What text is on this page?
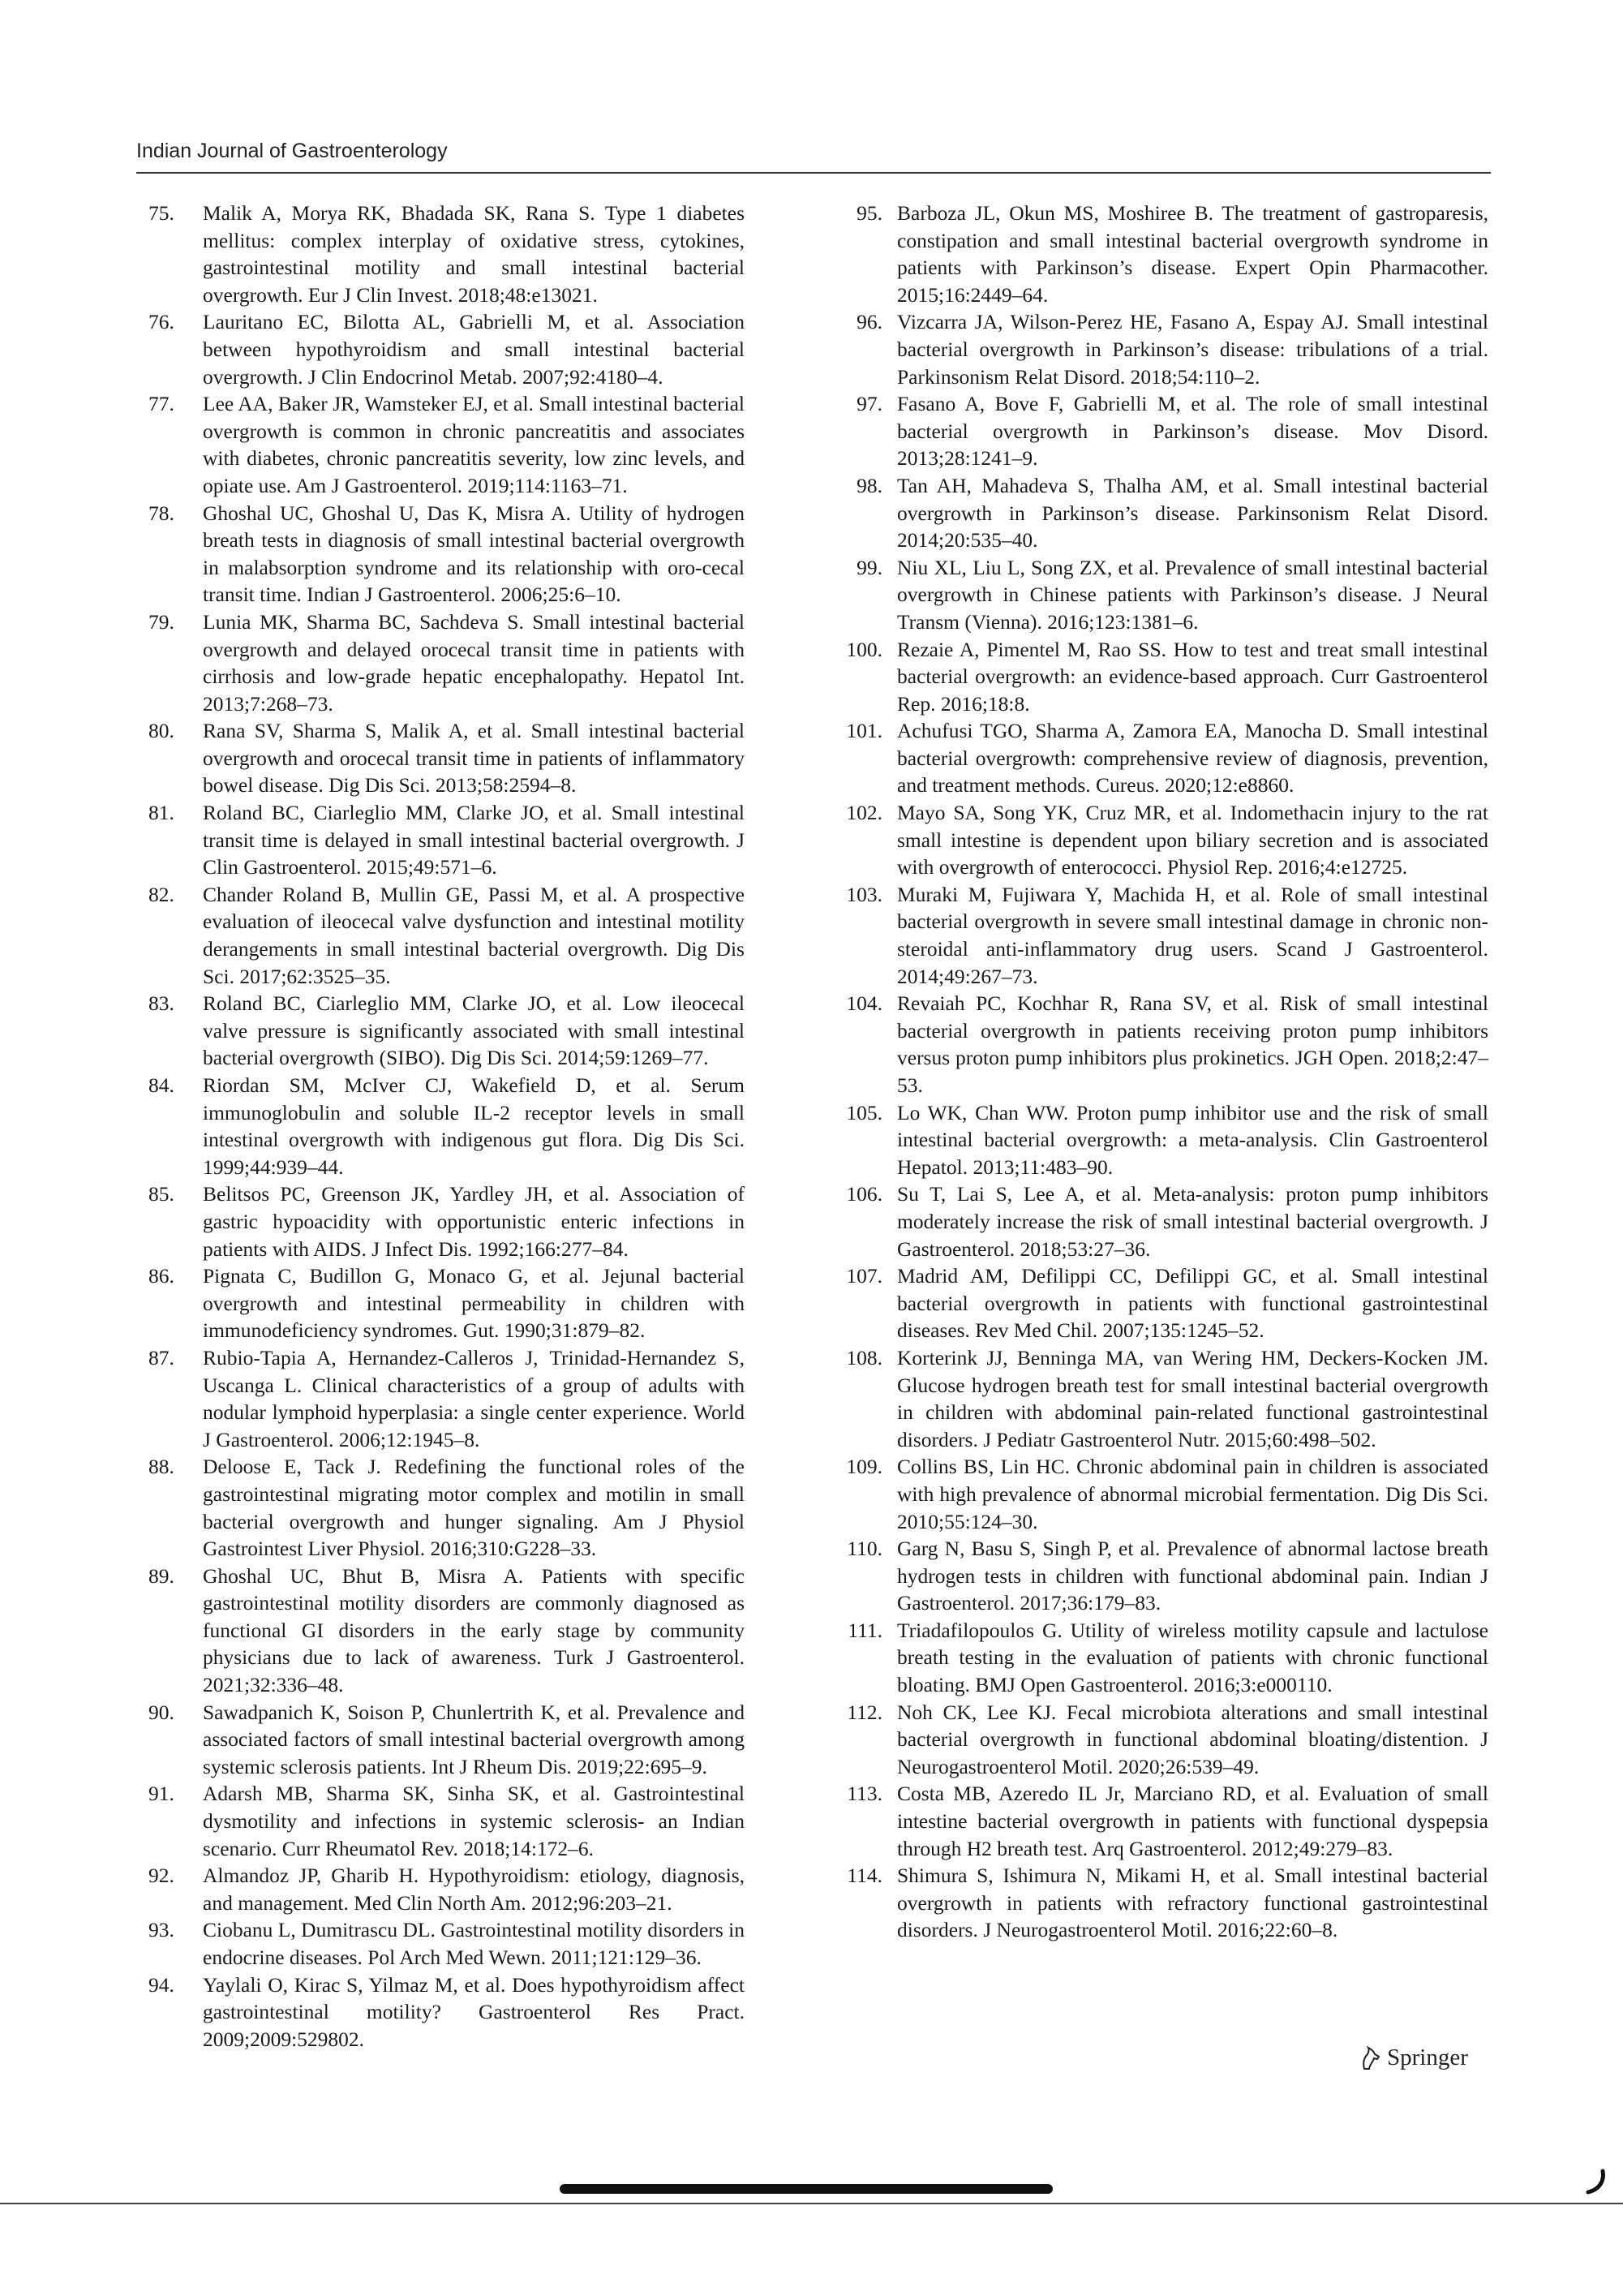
Indian Journal of Gastroenterology
75.	Malik A, Morya RK, Bhadada SK, Rana S. Type 1 diabetes mellitus: complex interplay of oxidative stress, cytokines, gastrointestinal motility and small intestinal bacterial overgrowth. Eur J Clin Invest. 2018;48:e13021.
76.	Lauritano EC, Bilotta AL, Gabrielli M, et al. Association between hypothyroidism and small intestinal bacterial overgrowth. J Clin Endocrinol Metab. 2007;92:4180–4.
77.	Lee AA, Baker JR, Wamsteker EJ, et al. Small intestinal bacterial overgrowth is common in chronic pancreatitis and associates with diabetes, chronic pancreatitis severity, low zinc levels, and opiate use. Am J Gastroenterol. 2019;114:1163–71.
78.	Ghoshal UC, Ghoshal U, Das K, Misra A. Utility of hydrogen breath tests in diagnosis of small intestinal bacterial overgrowth in malabsorption syndrome and its relationship with oro-cecal transit time. Indian J Gastroenterol. 2006;25:6–10.
79.	Lunia MK, Sharma BC, Sachdeva S. Small intestinal bacterial overgrowth and delayed orocecal transit time in patients with cirrhosis and low-grade hepatic encephalopathy. Hepatol Int. 2013;7:268–73.
80.	Rana SV, Sharma S, Malik A, et al. Small intestinal bacterial overgrowth and orocecal transit time in patients of inflammatory bowel disease. Dig Dis Sci. 2013;58:2594–8.
81.	Roland BC, Ciarleglio MM, Clarke JO, et al. Small intestinal transit time is delayed in small intestinal bacterial overgrowth. J Clin Gastroenterol. 2015;49:571–6.
82.	Chander Roland B, Mullin GE, Passi M, et al. A prospective evaluation of ileocecal valve dysfunction and intestinal motility derangements in small intestinal bacterial overgrowth. Dig Dis Sci. 2017;62:3525–35.
83.	Roland BC, Ciarleglio MM, Clarke JO, et al. Low ileocecal valve pressure is significantly associated with small intestinal bacterial overgrowth (SIBO). Dig Dis Sci. 2014;59:1269–77.
84.	Riordan SM, McIver CJ, Wakefield D, et al. Serum immunoglobulin and soluble IL-2 receptor levels in small intestinal overgrowth with indigenous gut flora. Dig Dis Sci. 1999;44:939–44.
85.	Belitsos PC, Greenson JK, Yardley JH, et al. Association of gastric hypoacidity with opportunistic enteric infections in patients with AIDS. J Infect Dis. 1992;166:277–84.
86.	Pignata C, Budillon G, Monaco G, et al. Jejunal bacterial overgrowth and intestinal permeability in children with immunodeficiency syndromes. Gut. 1990;31:879–82.
87.	Rubio-Tapia A, Hernandez-Calleros J, Trinidad-Hernandez S, Uscanga L. Clinical characteristics of a group of adults with nodular lymphoid hyperplasia: a single center experience. World J Gastroenterol. 2006;12:1945–8.
88.	Deloose E, Tack J. Redefining the functional roles of the gastrointestinal migrating motor complex and motilin in small bacterial overgrowth and hunger signaling. Am J Physiol Gastrointest Liver Physiol. 2016;310:G228–33.
89.	Ghoshal UC, Bhut B, Misra A. Patients with specific gastrointestinal motility disorders are commonly diagnosed as functional GI disorders in the early stage by community physicians due to lack of awareness. Turk J Gastroenterol. 2021;32:336–48.
90.	Sawadpanich K, Soison P, Chunlertrith K, et al. Prevalence and associated factors of small intestinal bacterial overgrowth among systemic sclerosis patients. Int J Rheum Dis. 2019;22:695–9.
91.	Adarsh MB, Sharma SK, Sinha SK, et al. Gastrointestinal dysmotility and infections in systemic sclerosis- an Indian scenario. Curr Rheumatol Rev. 2018;14:172–6.
92.	Almandoz JP, Gharib H. Hypothyroidism: etiology, diagnosis, and management. Med Clin North Am. 2012;96:203–21.
93.	Ciobanu L, Dumitrascu DL. Gastrointestinal motility disorders in endocrine diseases. Pol Arch Med Wewn. 2011;121:129–36.
94.	Yaylali O, Kirac S, Yilmaz M, et al. Does hypothyroidism affect gastrointestinal motility? Gastroenterol Res Pract. 2009;2009:529802.
95. Barboza JL, Okun MS, Moshiree B. The treatment of gastroparesis, constipation and small intestinal bacterial overgrowth syndrome in patients with Parkinson’s disease. Expert Opin Pharmacother. 2015;16:2449–64.
96. Vizcarra JA, Wilson-Perez HE, Fasano A, Espay AJ. Small intestinal bacterial overgrowth in Parkinson’s disease: tribulations of a trial. Parkinsonism Relat Disord. 2018;54:110–2.
97. Fasano A, Bove F, Gabrielli M, et al. The role of small intestinal bacterial overgrowth in Parkinson’s disease. Mov Disord. 2013;28:1241–9.
98. Tan AH, Mahadeva S, Thalha AM, et al. Small intestinal bacterial overgrowth in Parkinson’s disease. Parkinsonism Relat Disord. 2014;20:535–40.
99. Niu XL, Liu L, Song ZX, et al. Prevalence of small intestinal bacterial overgrowth in Chinese patients with Parkinson’s disease. J Neural Transm (Vienna). 2016;123:1381–6.
100. Rezaie A, Pimentel M, Rao SS. How to test and treat small intestinal bacterial overgrowth: an evidence-based approach. Curr Gastroenterol Rep. 2016;18:8.
101. Achufusi TGO, Sharma A, Zamora EA, Manocha D. Small intestinal bacterial overgrowth: comprehensive review of diagnosis, prevention, and treatment methods. Cureus. 2020;12:e8860.
102. Mayo SA, Song YK, Cruz MR, et al. Indomethacin injury to the rat small intestine is dependent upon biliary secretion and is associated with overgrowth of enterococci. Physiol Rep. 2016;4:e12725.
103. Muraki M, Fujiwara Y, Machida H, et al. Role of small intestinal bacterial overgrowth in severe small intestinal damage in chronic non-steroidal anti-inflammatory drug users. Scand J Gastroenterol. 2014;49:267–73.
104. Revaiah PC, Kochhar R, Rana SV, et al. Risk of small intestinal bacterial overgrowth in patients receiving proton pump inhibitors versus proton pump inhibitors plus prokinetics. JGH Open. 2018;2:47–53.
105. Lo WK, Chan WW. Proton pump inhibitor use and the risk of small intestinal bacterial overgrowth: a meta-analysis. Clin Gastroenterol Hepatol. 2013;11:483–90.
106. Su T, Lai S, Lee A, et al. Meta-analysis: proton pump inhibitors moderately increase the risk of small intestinal bacterial overgrowth. J Gastroenterol. 2018;53:27–36.
107. Madrid AM, Defilippi CC, Defilippi GC, et al. Small intestinal bacterial overgrowth in patients with functional gastrointestinal diseases. Rev Med Chil. 2007;135:1245–52.
108. Korterink JJ, Benninga MA, van Wering HM, Deckers-Kocken JM. Glucose hydrogen breath test for small intestinal bacterial overgrowth in children with abdominal pain-related functional gastrointestinal disorders. J Pediatr Gastroenterol Nutr. 2015;60:498–502.
109. Collins BS, Lin HC. Chronic abdominal pain in children is associated with high prevalence of abnormal microbial fermentation. Dig Dis Sci. 2010;55:124–30.
110. Garg N, Basu S, Singh P, et al. Prevalence of abnormal lactose breath hydrogen tests in children with functional abdominal pain. Indian J Gastroenterol. 2017;36:179–83.
111. Triadafilopoulos G. Utility of wireless motility capsule and lactulose breath testing in the evaluation of patients with chronic functional bloating. BMJ Open Gastroenterol. 2016;3:e000110.
112. Noh CK, Lee KJ. Fecal microbiota alterations and small intestinal bacterial overgrowth in functional abdominal bloating/distention. J Neurogastroenterol Motil. 2020;26:539–49.
113. Costa MB, Azeredo IL Jr, Marciano RD, et al. Evaluation of small intestine bacterial overgrowth in patients with functional dyspepsia through H2 breath test. Arq Gastroenterol. 2012;49:279–83.
114. Shimura S, Ishimura N, Mikami H, et al. Small intestinal bacterial overgrowth in patients with refractory functional gastrointestinal disorders. J Neurogastroenterol Motil. 2016;22:60–8.
Springer
